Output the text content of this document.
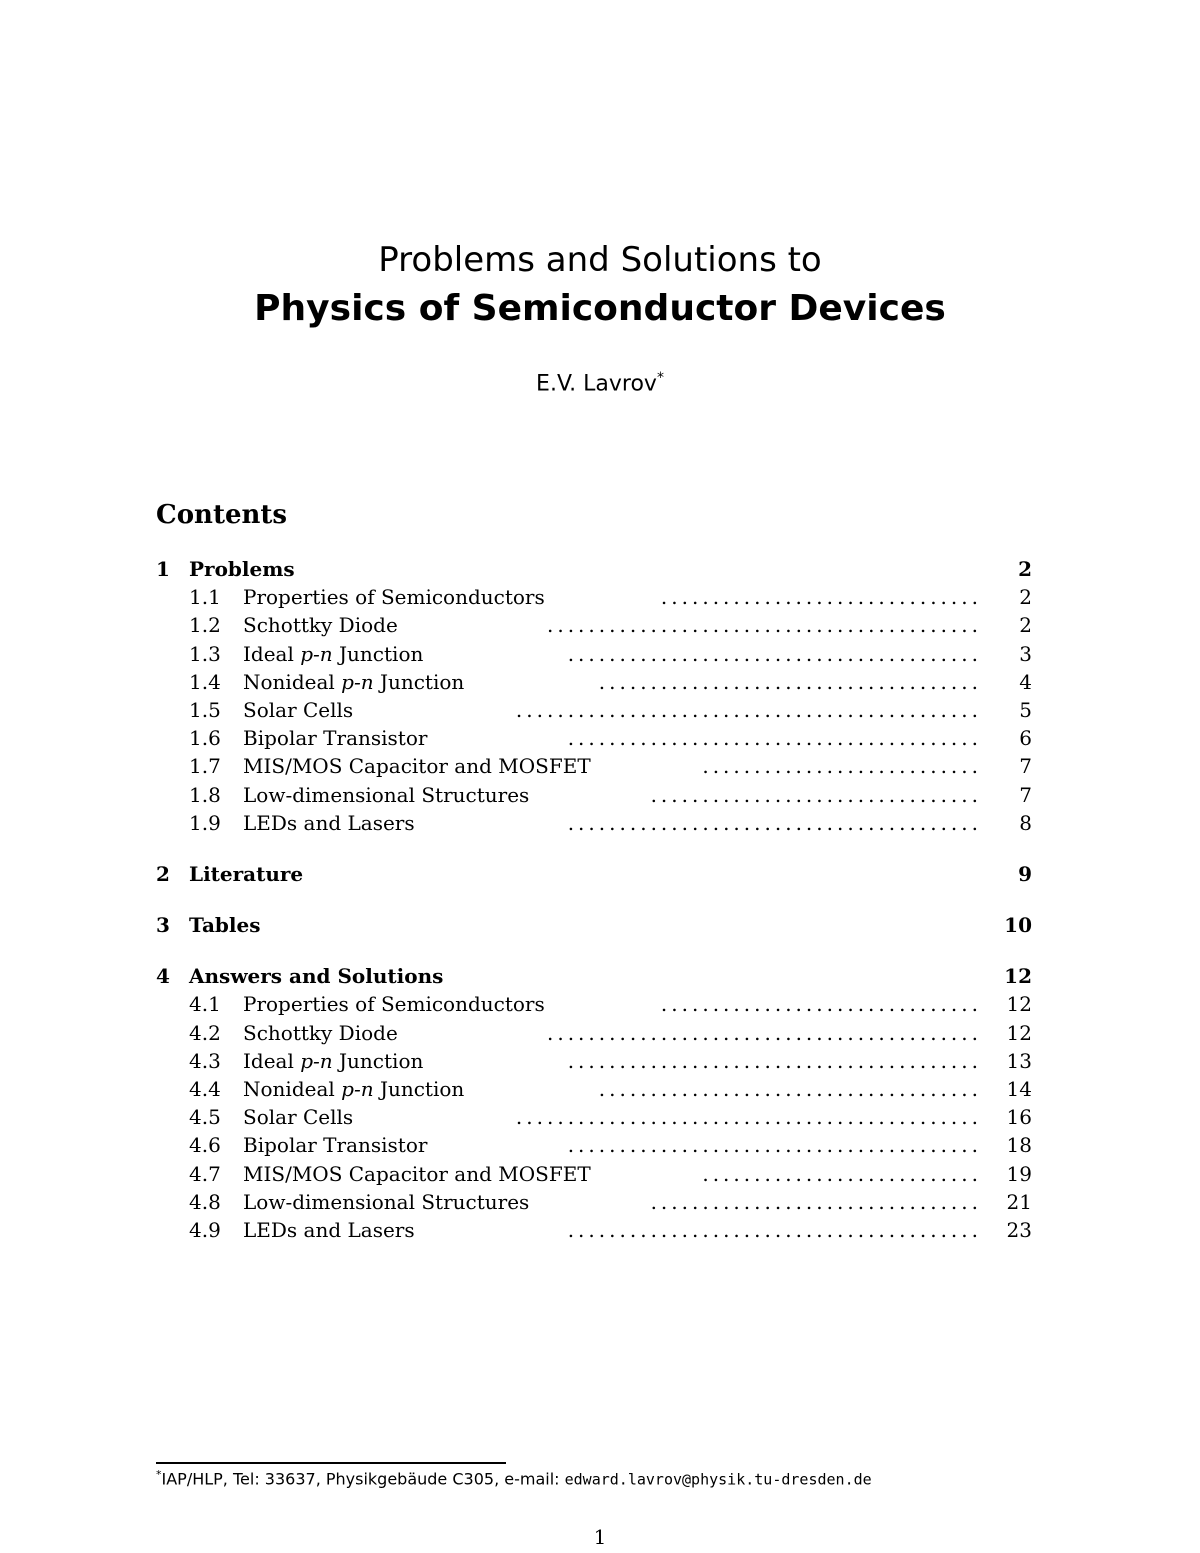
Problems and Solutions to
Physics of Semiconductor Devices
E.V. Lavrov*
Contents
1 Problems	2
1.1 Properties of Semiconductors	............................... 2
1.2 Schottky Diode	.......................................... 2
1.3 Ideal p-n Junction	........................................ 3
1.4 Nonideal p-n Junction	..................................... 4
1.5 Solar Cells	............................................. 5
1.6 Bipolar Transistor	........................................ 6
1.7 MIS/MOS Capacitor and MOSFET	........................... 7
1.8 Low-dimensional Structures	................................ 7
1.9 LEDs and Lasers	........................................ 8
2 Literature	9
3 Tables	10
4 Answers and Solutions	12
4.1 Properties of Semiconductors	............................... 12
4.2 Schottky Diode	.......................................... 12
4.3 Ideal p-n Junction	........................................ 13
4.4 Nonideal p-n Junction	..................................... 14
4.5 Solar Cells	............................................. 16
4.6 Bipolar Transistor	........................................ 18
4.7 MIS/MOS Capacitor and MOSFET	........................... 19
4.8 Low-dimensional Structures	................................ 21
4.9 LEDs and Lasers	........................................ 23
*IAP/HLP, Tel: 33637, Physikgebäude C305, e-mail: edward.lavrov@physik.tu-dresden.de
1
